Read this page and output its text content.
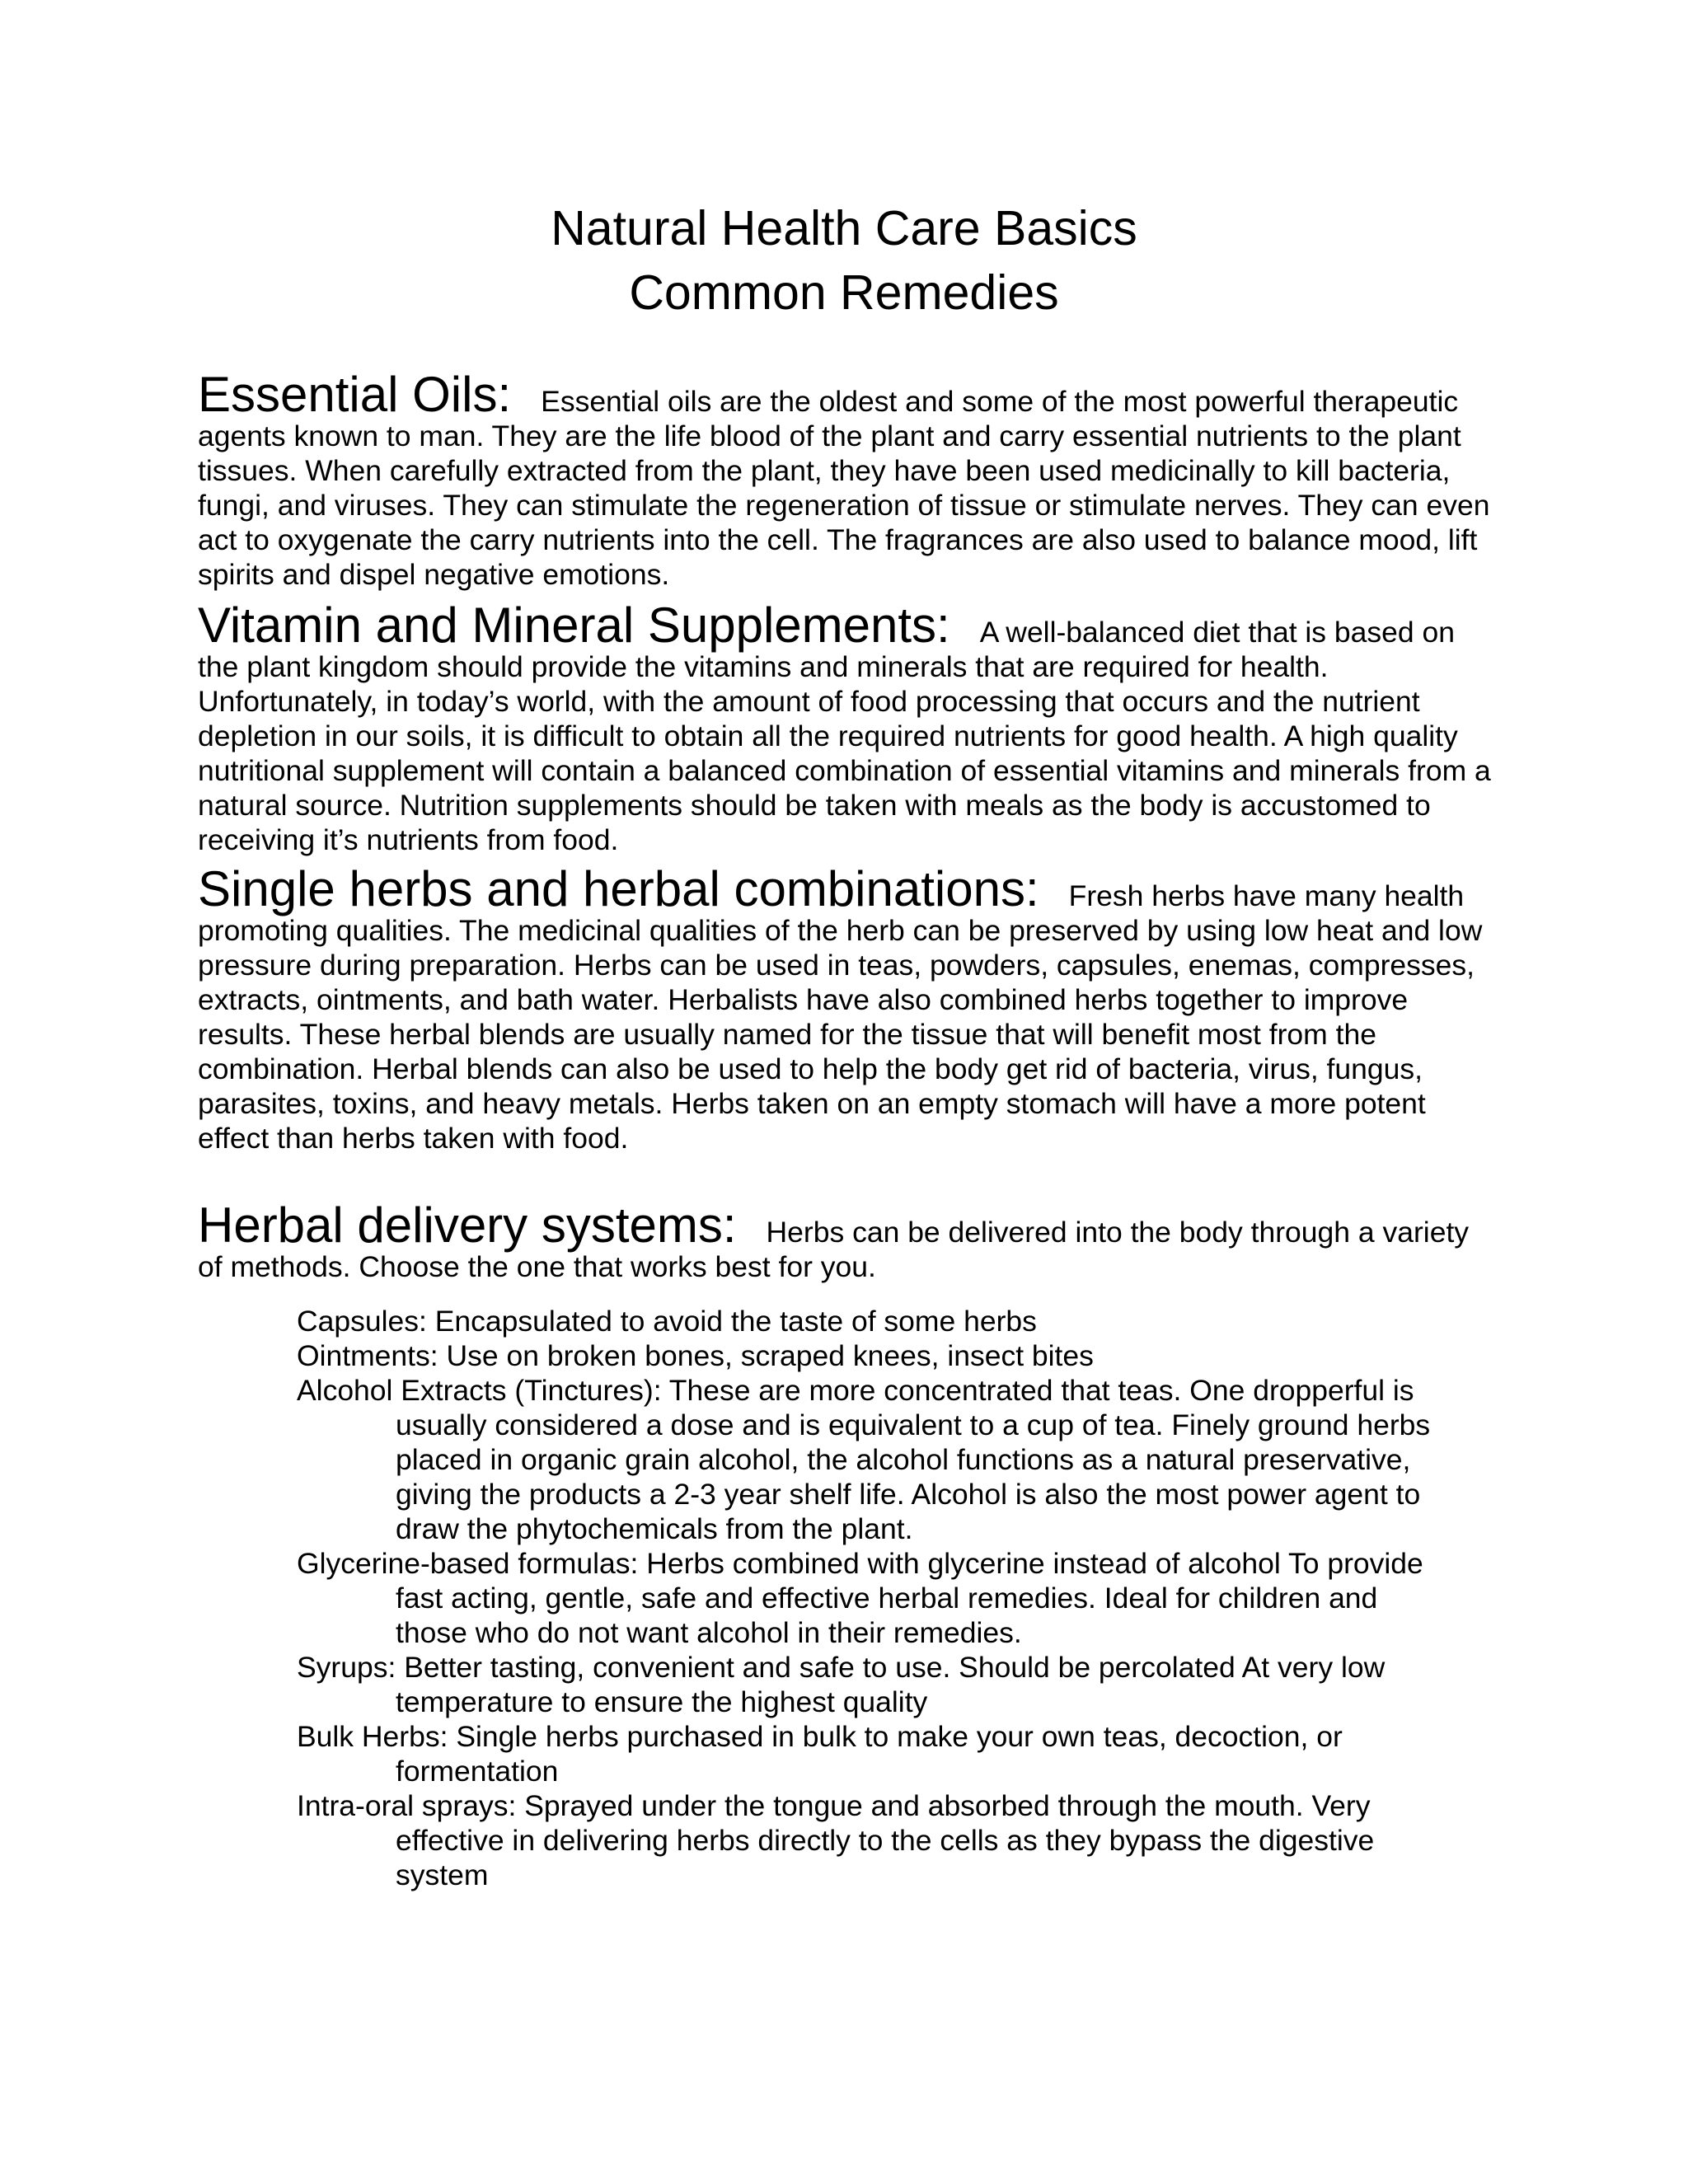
Natural Health Care Basics
Common Remedies

Essential Oils: Essential oils are the oldest and some of the most powerful therapeutic agents known to man. They are the life blood of the plant and carry essential nutrients to the plant tissues. When carefully extracted from the plant, they have been used medicinally to kill bacteria, fungi, and viruses. They can stimulate the regeneration of tissue or stimulate nerves. They can even act to oxygenate the carry nutrients into the cell. The fragrances are also used to balance mood, lift spirits and dispel negative emotions.

Vitamin and Mineral Supplements: A well-balanced diet that is based on the plant kingdom should provide the vitamins and minerals that are required for health. Unfortunately, in today’s world, with the amount of food processing that occurs and the nutrient depletion in our soils, it is difficult to obtain all the required nutrients for good health. A high quality nutritional supplement will contain a balanced combination of essential vitamins and minerals from a natural source. Nutrition supplements should be taken with meals as the body is accustomed to receiving it’s nutrients from food.

Single herbs and herbal combinations: Fresh herbs have many health promoting qualities. The medicinal qualities of the herb can be preserved by using low heat and low pressure during preparation. Herbs can be used in teas, powders, capsules, enemas, compresses, extracts, ointments, and bath water. Herbalists have also combined herbs together to improve results. These herbal blends are usually named for the tissue that will benefit most from the combination. Herbal blends can also be used to help the body get rid of bacteria, virus, fungus, parasites, toxins, and heavy metals. Herbs taken on an empty stomach will have a more potent effect than herbs taken with food.

Herbal delivery systems: Herbs can be delivered into the body through a variety of methods. Choose the one that works best for you.

Capsules: Encapsulated to avoid the taste of some herbs

Ointments: Use on broken bones, scraped knees, insect bites

Alcohol Extracts (Tinctures): These are more concentrated that teas. One dropperful is usually considered a dose and is equivalent to a cup of tea. Finely ground herbs placed in organic grain alcohol, the alcohol functions as a natural preservative, giving the products a 2-3 year shelf life. Alcohol is also the most power agent to draw the phytochemicals from the plant.

Glycerine-based formulas: Herbs combined with glycerine instead of alcohol To provide fast acting, gentle, safe and effective herbal remedies. Ideal for children and those who do not want alcohol in their remedies.

Syrups: Better tasting, convenient and safe to use. Should be percolated At very low temperature to ensure the highest quality

Bulk Herbs: Single herbs purchased in bulk to make your own teas, decoction, or formentation

Intra-oral sprays: Sprayed under the tongue and absorbed through the mouth. Very effective in delivering herbs directly to the cells as they bypass the digestive system
